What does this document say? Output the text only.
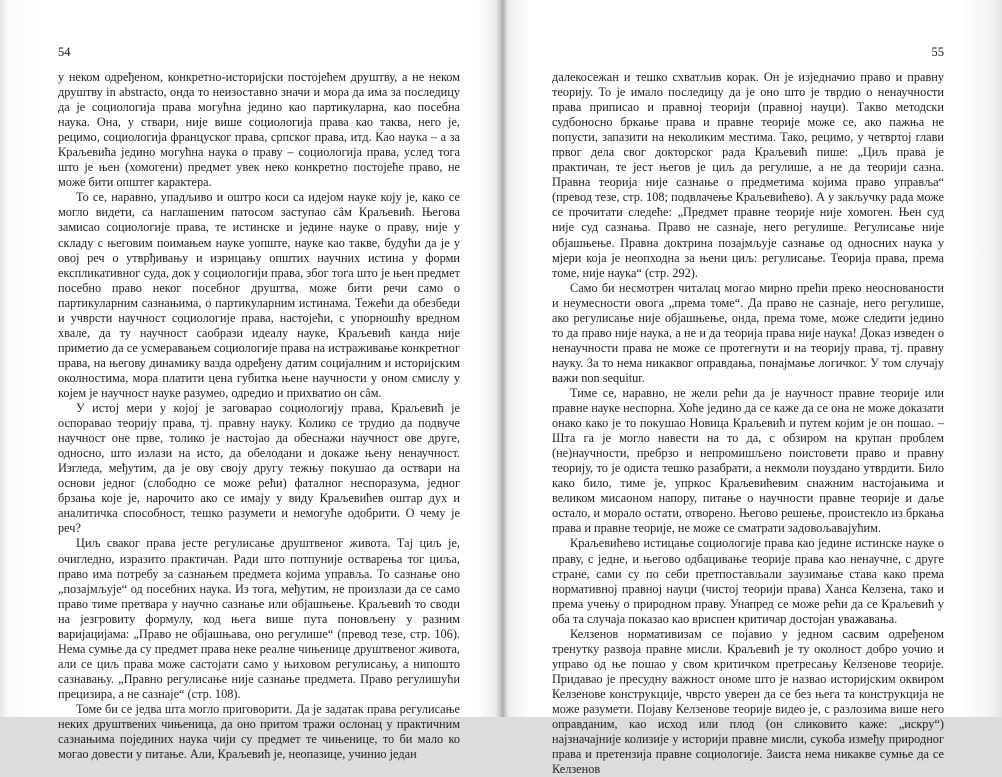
54

у неком одређеном, конкретно-историјски постојећем друштву, а не неком друштву in abstracto, онда то неизоставно значи и мора да има за последицу да је социологија права могућна једино као партикуларна, као посебна наука. Она, у ствари, није више социологија права као таква, него је, рецимо, социологија француског права, српског права, итд. Као наука – а за Краљевића једино могућна наука о праву – социологија права, услед тога што је њен (хомогени) предмет увек нeко конкретно постојеће право, не може бити општег карактера.

То се, наравно, упадљиво и оштро коси са идејом науке коју је, како се могло видети, са наглашеним патосом заступао сâм Краљевић. Његова замисао социологије права, те истинске и једине науке о праву, није у складу с његовим поимањем науке уопште, науке као такве, будући да је у овој реч о утврђивању и изрицању општих научних истина у форми експликативног суда, док у социологији права, због тога што је њен предмет посебно право неког посебног друштва, може бити речи само о партикуларним сазнањима, о партикуларним истинама. Тежећи да обезбеди и учврсти научност социологије права, настојећи, с упорношћу вредном хвале, да ту научност саобрази идеалу науке, Краљевић канда није приметио да се усмеравањем социологије права на истраживање конкретног права, на његову динамику вазда одређену датим социјалним и историјским околностима, мора платити цена губитка њене научности у оном смислу у којем је научност науке разумео, одредио и прихватио он сâм.

У истој мери у којој је заговарао социологију права, Краљевић је оспоравао теорију права, тј. правну науку. Колико се трудио да подвуче научност оне прве, толико је настојао да обеснажи научност ове друге, односно, што излази на исто, да обелодани и докаже њену ненаучност. Изгледа, међутим, да је ову своју другу тежњу покушао да оствари на основи једног (слободно се може рећи) фаталног неспоразума, једног брзања које је, нарочито ако се имају у виду Краљевићев оштар дух и аналитичка способност, тешко разумети и немогуће одобрити. О чему је реч?

Циљ сваког права јесте регулисање друштвеног живота. Тај циљ је, очигледно, изразито практичан. Ради што потпуније остварења тог циља, право има потребу за сазнањем предмета којима управља. То сазнање оно „позајмљује“ од посебних наука. Из тога, међутим, не произлази да се само право тиме претвара у научно сазнање или објашњење. Краљевић то своди на језгровиту формулу, код њега више пута поновљену у разним варијацијама: „Право не објашњава, оно регулише“ (превод тезе, стр. 106). Нема сумње да су предмет права неке реалне чињенице друштвеног живота, али се циљ права може састојати само у њиховом регулисању, а нипошто сазнавању. „Правно регулисање није сазнање предмета. Право регулишући прецизира, а не сазнаје“ (стр. 108).

Томе би се једва шта могло приговорити. Да је задатак права регулисање неких друштвених чињеница, да оно притом тражи ослонац у практичним сазнањима појединих наука чији су предмет те чињенице, то би мало ко могао довести у питање. Али, Краљевић је, неопазице, учинио један

55

далекосежан и тешко схватљив корак. Он је изједначио право и правну теорију. То је имало последицу да је оно што је тврдио о ненаучности права приписао и правној теорији (правној науци). Такво методски судбоносно бркање права и правне теорије може се, ако пажња не попусти, запазити на неколиким местима. Тако, рецимо, у четвртој глави првог дела свог докторског рада Краљевић пише: „Циљ права је практичан, те јест његов је циљ да регулише, а не да теорији сазна. Правна теорија није сазнање о предметима којима право управља“ (превод тезе, стр. 108; подвлачење Краљевићево). А у закључку рада може се прочитати следеће: „Предмет правне теорије није хомоген. Њен суд није суд сазнања. Право не сазнаје, него регулише. Регулисање није објашњење. Правна доктрина позајмљује сазнање од односних наука у мјери која је неопходна за њени циљ: регулисање. Теорија права, према томе, није наука“ (стр. 292).

Само би несмотрен читалац могао мирно прећи преко неоснованости и неумесности овога „према томе“. Да право не сазнаје, него регулише, ако регулисање није објашњење, онда, према томе, може следити једино то да право није наука, а не и да теорија права није наука! Доказ изведен о ненаучности права не може се протегнути и на теорију права, тј. правну науку. За то нема никаквог оправдања, понајмање логичког. У том случају важи non sequitur.

Тиме се, наравно, не жели рећи да је научност правне теорије или правне науке неспорна. Хоће једино да се каже да се она не може доказати онако како је то покушао Новица Краљевић и путем којим је он пошао. – Шта га је могло навести на то да, с обзиром на крупан проблем (не)научности, пребрзо и непромишљено поистовети право и правну теорију, то је одиста тешко разабрати, а некмоли поуздано утврдити. Било како било, тиме је, упркос Краљевићевим снажним настојањима и великом мисаоном напору, питање о научности правне теорије и даље остало, и морало остати, отворено. Његово решење, проистекло из бркања права и правне теорије, не може се сматрати задовољавајућим.

Краљевићево истицање социологије права као једине истинске науке о праву, с једне, и његово одбацивање теорије права као ненаучне, с друге стране, сами су по себи претпостављали заузимање става како према нормативној правној науци (чистој теорији права) Ханса Келзена, тако и према учењу о природном праву. Унапред се може рећи да се Краљевић у оба та случаја показао као вриспен критичар достојан уважавања.

Келзенов нормативизам се појавио у једном сасвим одређеном тренутку развоја правне мисли. Краљевић је ту околност добро уочио и управо од ње пошао у свом критичком претресању Келзенове теорије. Придавао је пресудну важност ономе што је назвао историјским оквиром Келзенове конструкције, чврсто уверен да се без њега та конструкција не може разумети. Појаву Келзенове теорије видео је, с разлозима више него оправданим, као исход или плод (он сликовито каже: „искру“) најзначајније колизије у историји правне мисли, сукоба између природног права и претензија правне социологије. Заиста нема никакве сумње да се Келзенов
